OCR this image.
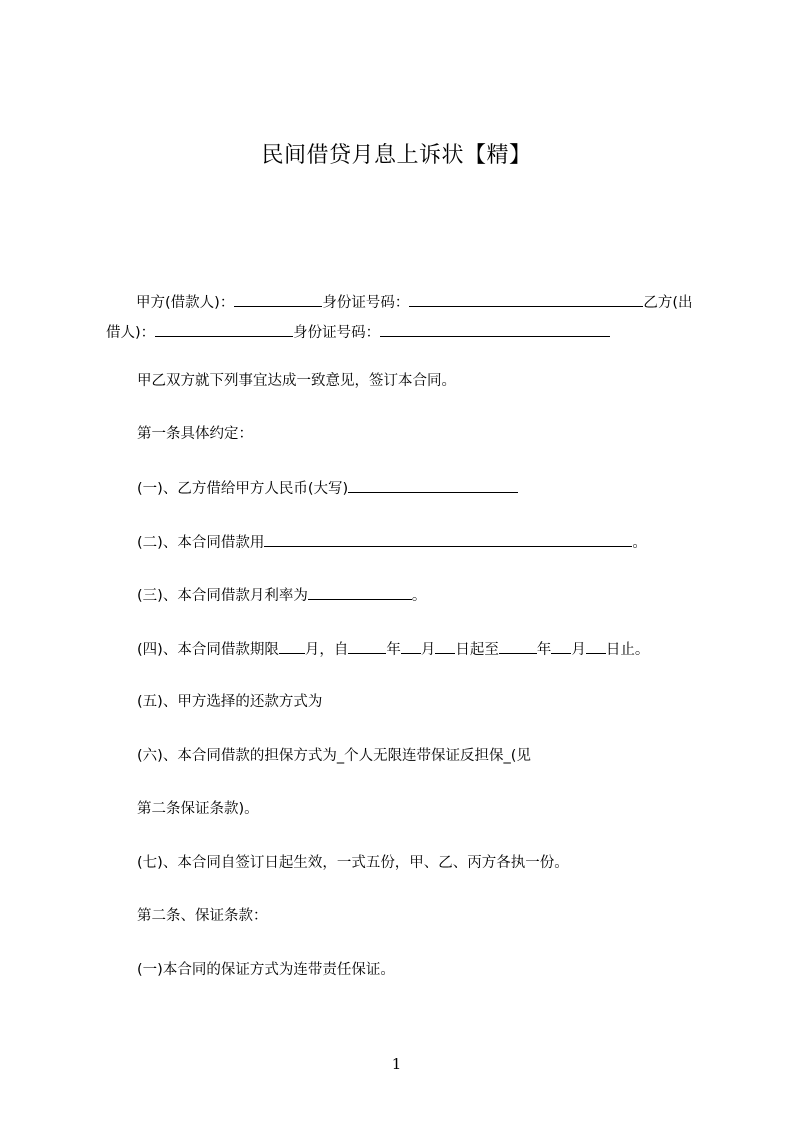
民间借贷月息上诉状【精】

甲方(借款人)：	身份证号码：	乙方(出借人)：	身份证号码：

甲乙双方就下列事宜达成一致意见，签订本合同。

第一条具体约定：

(一)、乙方借给甲方人民币(大写)

(二)、本合同借款用	。

(三)、本合同借款月利率为	。

(四)、本合同借款期限 月，自	年 月 日起至	年 月 日止。

(五)、甲方选择的还款方式为

(六)、本合同借款的担保方式为_个人无限连带保证反担保_(见

第二条保证条款)。

(七)、本合同自签订日起生效，一式五份，甲、乙、丙方各执一份。

第二条、保证条款：

(一)本合同的保证方式为连带责任保证。

1
